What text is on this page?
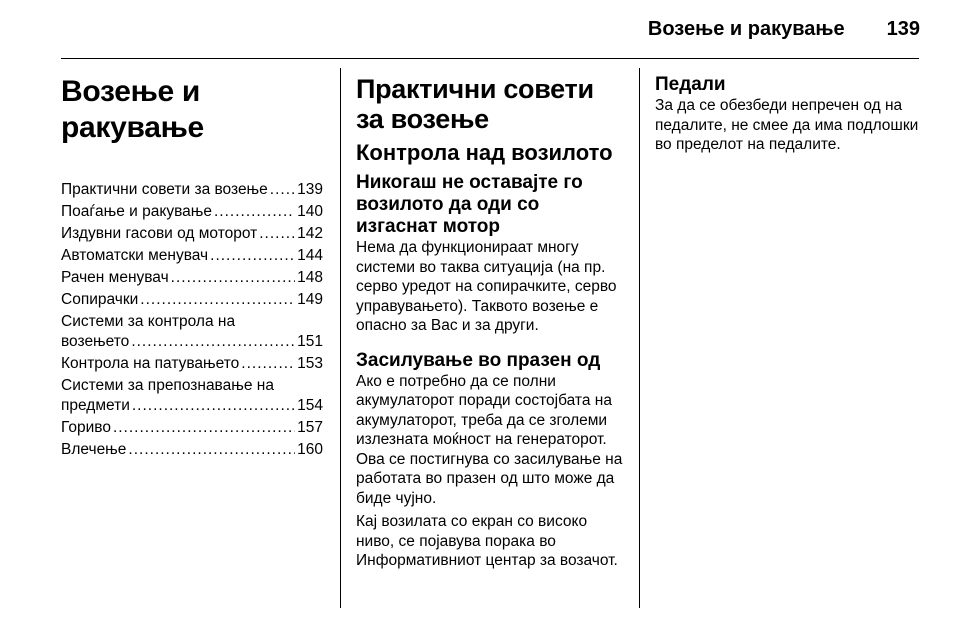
Возење и ракување 139
Возење и ракување
Практични совети за возење ..... 139
Поаѓање и ракување .....	140
Издувни гасови од моторот .....	142
Автоматски менувач .....	144
Рачен менувач .....	148
Сопирачки .....	149
Системи за контрола на
возењето .....	151
Контрола на патувањето .....	153
Системи за препознавање на
предмети .....	154
Гориво .....	157
Влечење .....	160
Практични совети за возење
Контрола над возилото
Никогаш не оставајте го возилото да оди со изгаснат мотор

Нема да функционираат многу системи во таква ситуација (на пр. серво уредот на сопирачките, серво управувањето). Таквото возење е опасно за Вас и за други.

Засилување во празен од

Ако е потребно да се полни акумулаторот поради состојбата на акумулаторот, треба да се зголеми излезната моќност на генераторот. Ова се постигнува со засилување на работата во празен од што може да биде чујно.

Кај возилата со екран со високо ниво, се појавува порака во Информативниот центар за возачот.

Педали

За да се обезбеди непречен од на педалите, не смее да има подлошки во пределот на педалите.
